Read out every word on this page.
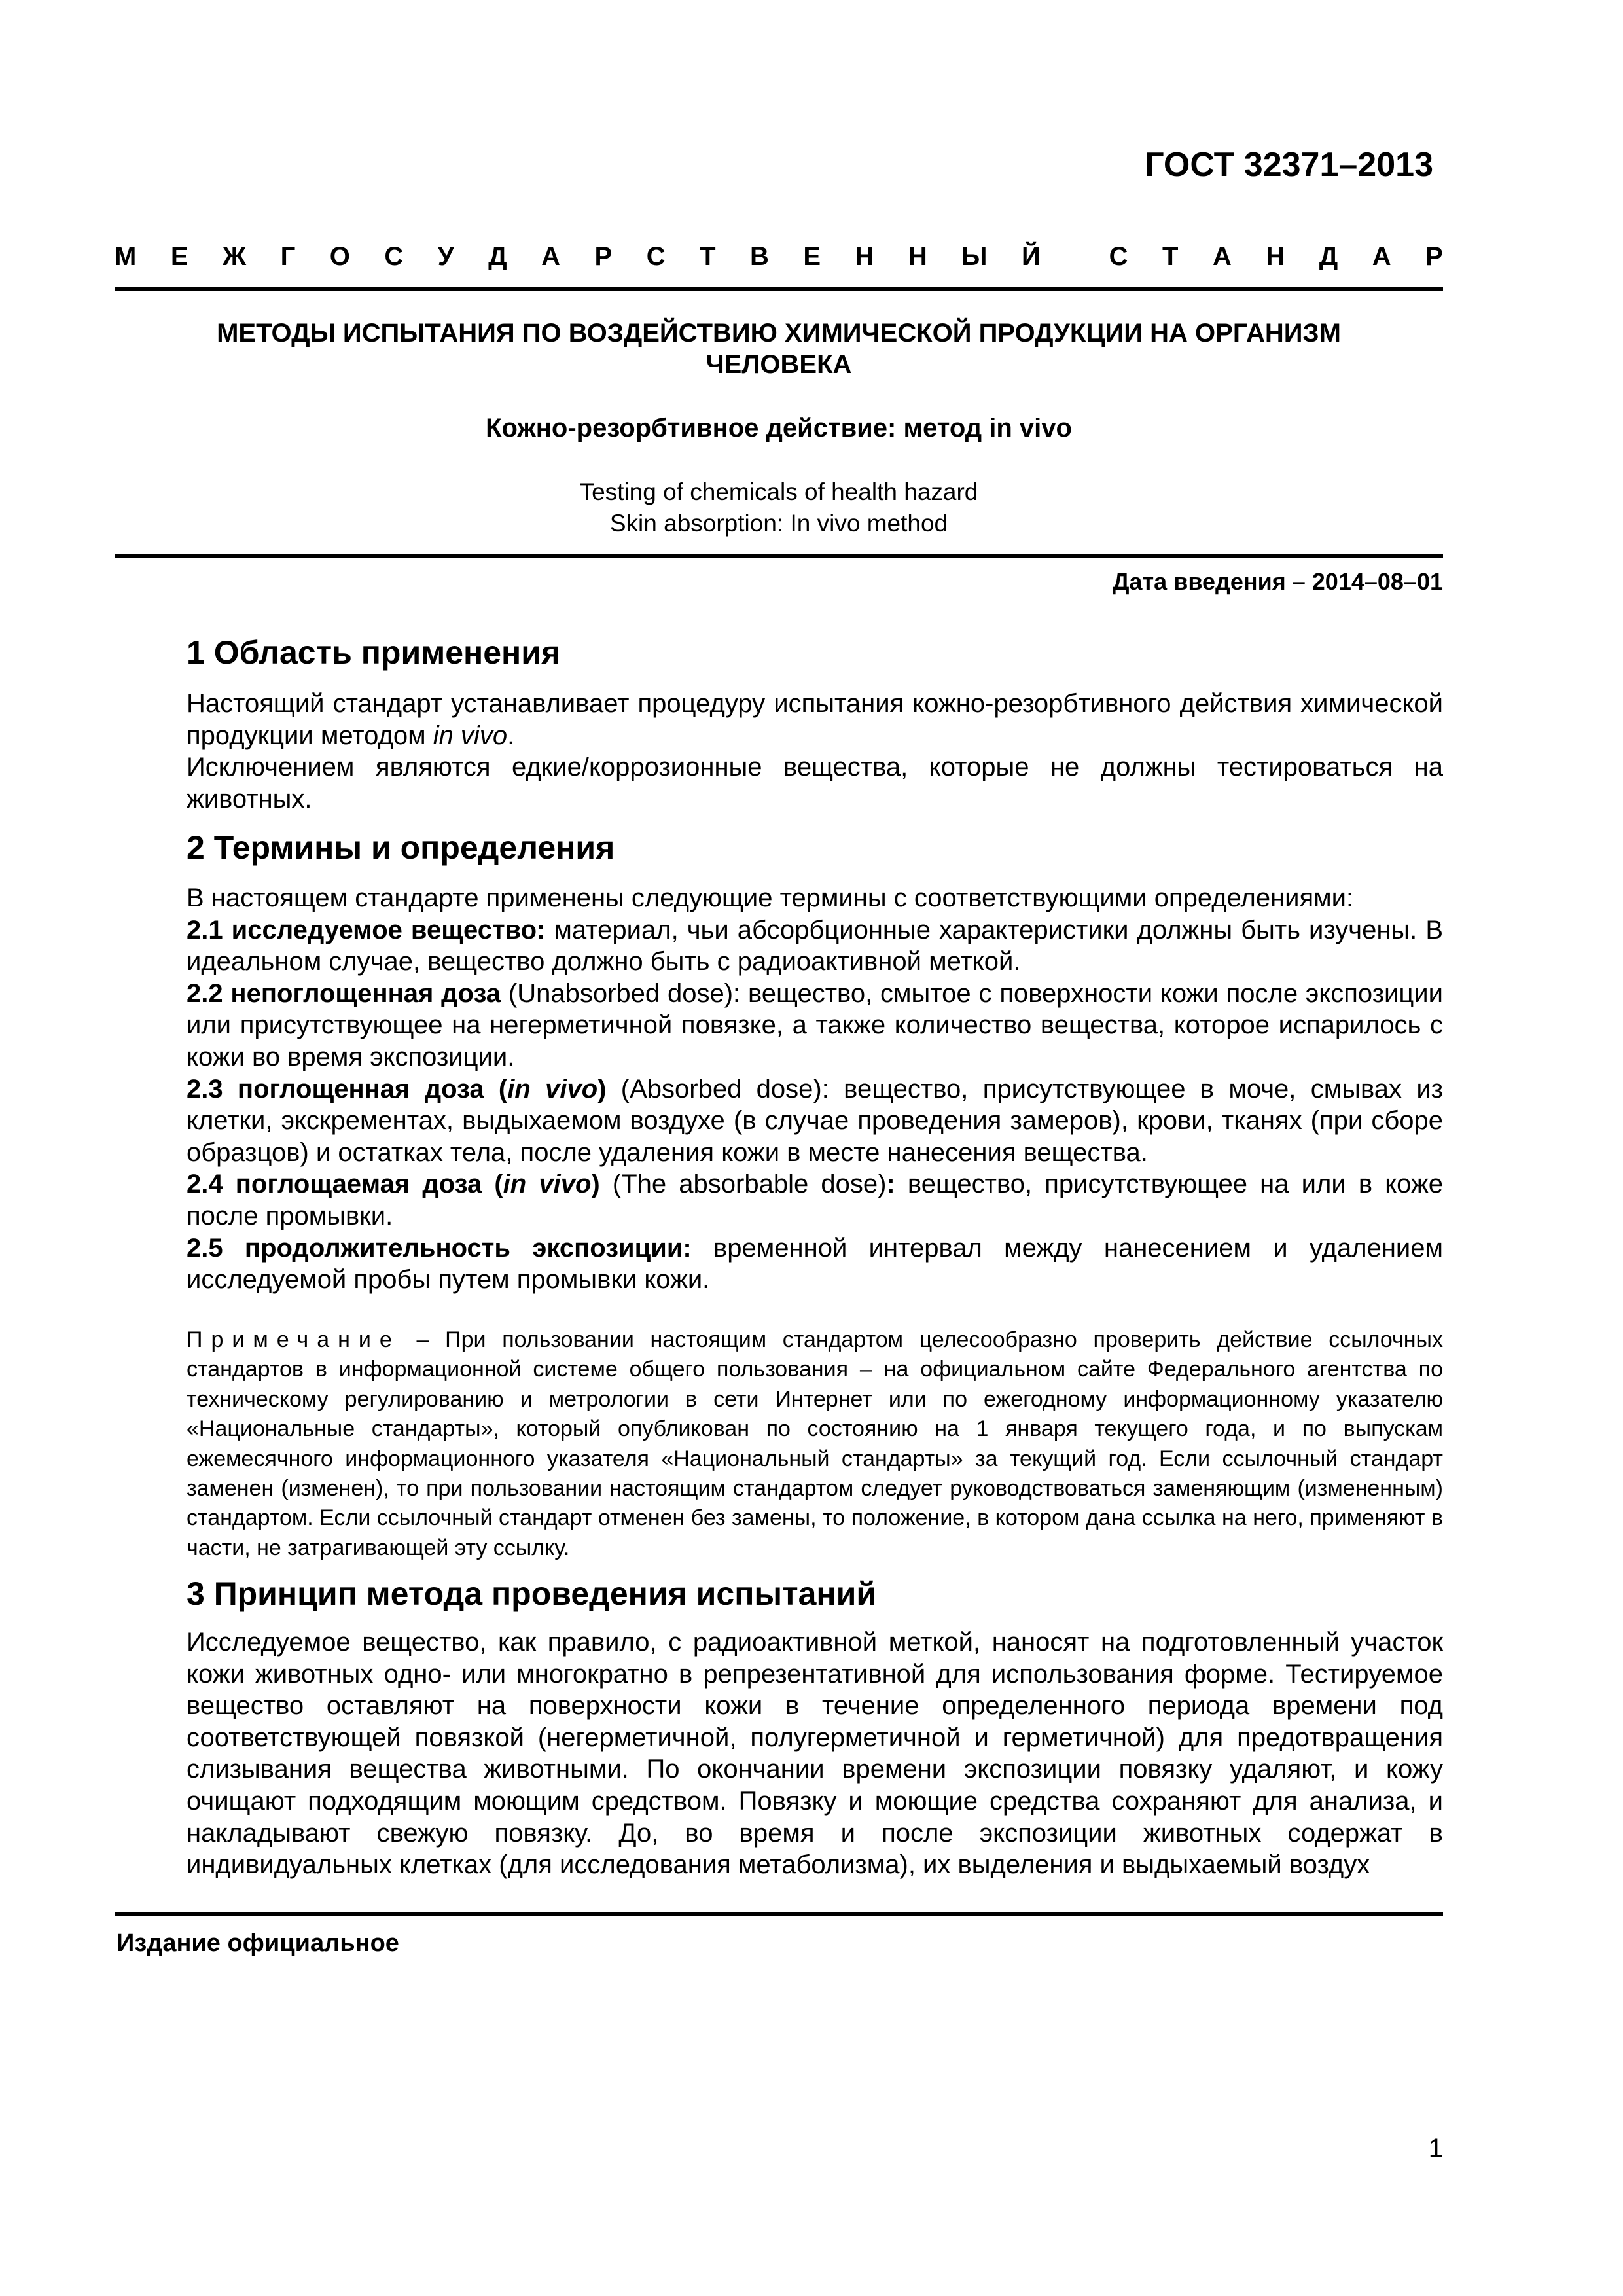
ГОСТ 32371–2013
М Е Ж Г О С У Д А Р С Т В Е Н Н Ы Й	С Т А Н Д А Р
МЕТОДЫ ИСПЫТАНИЯ ПО ВОЗДЕЙСТВИЮ ХИМИЧЕСКОЙ ПРОДУКЦИИ НА ОРГАНИЗМ
ЧЕЛОВЕКА
Кожно-резорбтивное действие: метод in vivo
Testing of chemicals of health hazard
Skin absorption: In vivo method
Дата введения – 2014–08–01
1 Область применения
Настоящий стандарт устанавливает процедуру испытания кожно-резорбтивного действия химической продукции методом in vivo.
Исключением являются едкие/коррозионные вещества, которые не должны тестироваться на животных.
2 Термины и определения
В настоящем стандарте применены следующие термины с соответствующими определениями:
2.1 исследуемое вещество: материал, чьи абсорбционные характеристики должны быть изучены. В идеальном случае, вещество должно быть с радиоактивной меткой.
2.2 непоглощенная доза (Unabsorbed dose): вещество, смытое с поверхности кожи после экспозиции или присутствующее на негерметичной повязке, а также количество вещества, которое испарилось с кожи во время экспозиции.
2.3 поглощенная доза (in vivo) (Absorbed dose): вещество, присутствующее в моче, смывах из клетки, экскрементах, выдыхаемом воздухе (в случае проведения замеров), крови, тканях (при сборе образцов) и остатках тела, после удаления кожи в месте нанесения вещества.
2.4 поглощаемая доза (in vivo) (The absorbable dose): вещество, присутствующее на или в коже после промывки.
2.5 продолжительность экспозиции: временной интервал между нанесением и удалением исследуемой пробы путем промывки кожи.
Примечание – При пользовании настоящим стандартом целесообразно проверить действие ссылочных стандартов в информационной системе общего пользования – на официальном сайте Федерального агентства по техническому регулированию и метрологии в сети Интернет или по ежегодному информационному указателю «Национальные стандарты», который опубликован по состоянию на 1 января текущего года, и по выпускам ежемесячного информационного указателя «Национальный стандарты» за текущий год. Если ссылочный стандарт заменен (изменен), то при пользовании настоящим стандартом следует руководствоваться заменяющим (измененным) стандартом. Если ссылочный стандарт отменен без замены, то положение, в котором дана ссылка на него, применяют в части, не затрагивающей эту ссылку.
3 Принцип метода проведения испытаний
Исследуемое вещество, как правило, с радиоактивной меткой, наносят на подготовленный участок кожи животных одно- или многократно в репрезентативной для использования форме. Тестируемое вещество оставляют на поверхности кожи в течение определенного периода времени под соответствующей повязкой (негерметичной, полугерметичной и герметичной) для предотвращения слизывания вещества животными. По окончании времени экспозиции повязку удаляют, и кожу очищают подходящим моющим средством. Повязку и моющие средства сохраняют для анализа, и накладывают свежую повязку. До, во время и после экспозиции животных содержат в индивидуальных клетках (для исследования метаболизма), их выделения и выдыхаемый воздух
Издание официальное
1
